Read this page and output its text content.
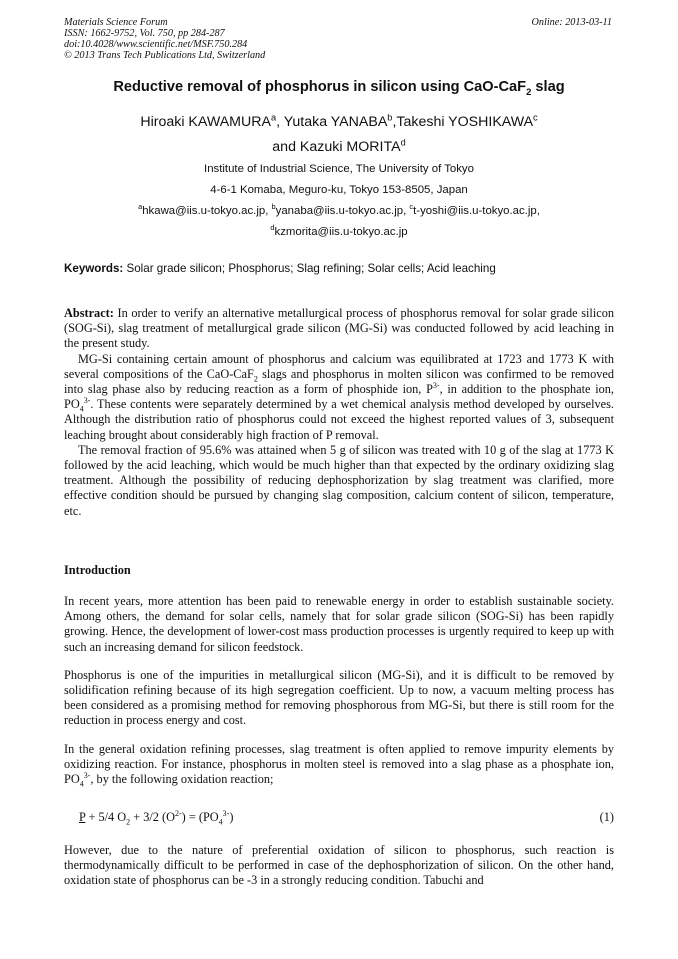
Materials Science Forum
ISSN: 1662-9752, Vol. 750, pp 284-287
doi:10.4028/www.scientific.net/MSF.750.284
© 2013 Trans Tech Publications Ltd, Switzerland
Online: 2013-03-11
Reductive removal of phosphorus in silicon using CaO-CaF$_2$ slag
Hiroaki KAWAMURA$^a$, Yutaka YANABA$^b$,Takeshi YOSHIKAWA$^c$
and Kazuki MORITA$^d$
Institute of Industrial Science, The University of Tokyo
4-6-1 Komaba, Meguro-ku, Tokyo 153-8505, Japan
$^a$hkawa@iis.u-tokyo.ac.jp, $^b$yanaba@iis.u-tokyo.ac.jp, $^c$t-yoshi@iis.u-tokyo.ac.jp,
$^d$kzmorita@iis.u-tokyo.ac.jp
Keywords: Solar grade silicon; Phosphorus; Slag refining; Solar cells; Acid leaching

Abstract: In order to verify an alternative metallurgical process of phosphorus removal for solar grade silicon (SOG-Si), slag treatment of metallurgical grade silicon (MG-Si) was conducted followed by acid leaching in the present study.

MG-Si containing certain amount of phosphorus and calcium was equilibrated at 1723 and 1773 K with several compositions of the CaO-CaF$_2$ slags and phosphorus in molten silicon was confirmed to be removed into slag phase also by reducing reaction as a form of phosphide ion, $P^{3-}$, in addition to the phosphate ion, $PO_4^{3-}$. These contents were separately determined by a wet chemical analysis method developed by ourselves. Although the distribution ratio of phosphorus could not exceed the highest reported values of 3, subsequent leaching brought about considerably high fraction of P removal.

The removal fraction of 95.6% was attained when 5 g of silicon was treated with 10 g of the slag at 1773 K followed by the acid leaching, which would be much higher than that expected by the ordinary oxidizing slag treatment. Although the possibility of reducing dephosphorization by slag treatment was clarified, more effective condition should be pursued by changing slag composition, calcium content of silicon, temperature, etc.

Introduction

In recent years, more attention has been paid to renewable energy in order to establish sustainable society. Among others, the demand for solar cells, namely that for solar grade silicon (SOG-Si) has been rapidly growing. Hence, the development of lower-cost mass production processes is urgently required to keep up with such an increasing demand for silicon feedstock.

Phosphorus is one of the impurities in metallurgical silicon (MG-Si), and it is difficult to be removed by solidification refining because of its high segregation coefficient. Up to now, a vacuum melting process has been considered as a promising method for removing phosphorous from MG-Si, but there is still room for the reduction in process energy and cost.

In the general oxidation refining processes, slag treatment is often applied to remove impurity elements by oxidizing reaction. For instance, phosphorus in molten steel is removed into a slag phase as a phosphate ion, $PO_4^{3-}$, by the following oxidation reaction;

P + 5/4 $O_2 + 3/2$ $(O^{2-}) = (PO_4^{3-})$	(1)

However, due to the nature of preferential oxidation of silicon to phosphorus, such reaction is thermodynamically difficult to be performed in case of the dephosphorization of silicon. On the other hand, oxidation state of phosphorus can be -3 in a strongly reducing condition. Tabuchi and
